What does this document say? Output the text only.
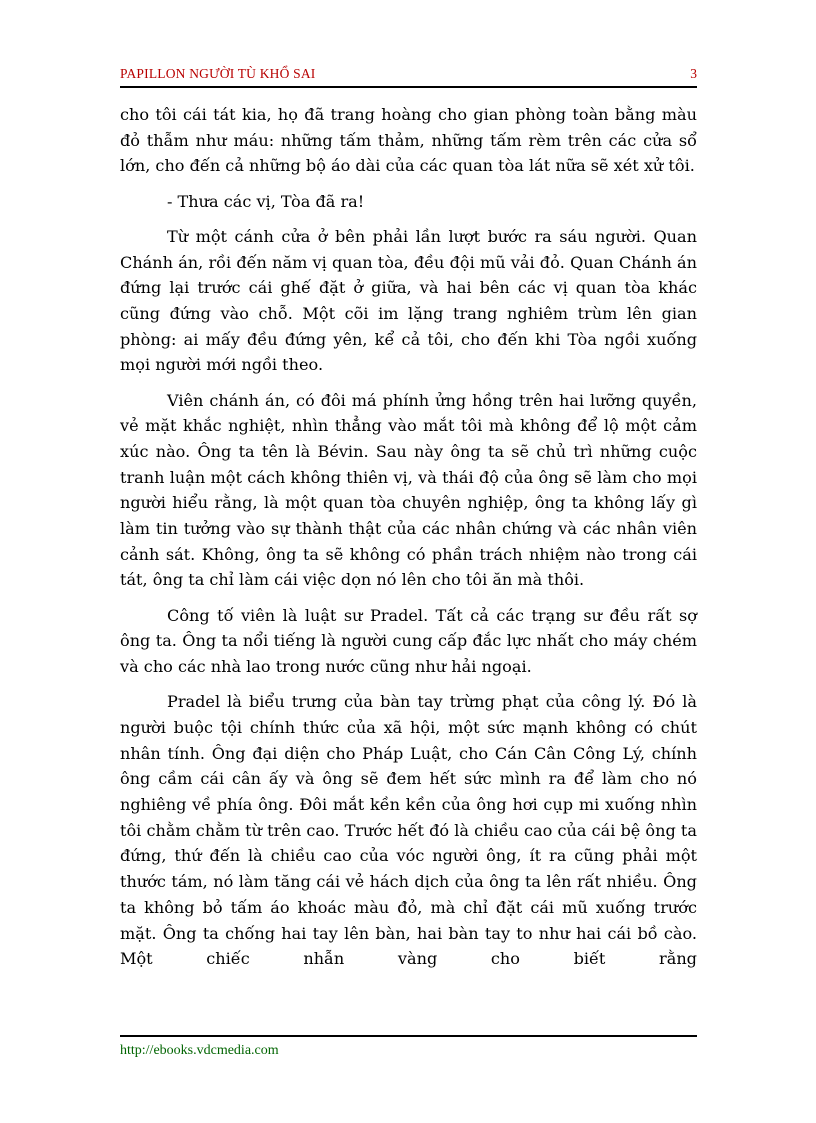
PAPILLON NGƯỜI TÙ KHỔ SAI	3

cho tôi cái tát kia, họ đã trang hoàng cho gian phòng toàn bằng màu đỏ thẫm như máu: những tấm thảm, những tấm rèm trên các cửa sổ lớn, cho đến cả những bộ áo dài của các quan tòa lát nữa sẽ xét xử tôi.

- Thưa các vị, Tòa đã ra!

Từ một cánh cửa ở bên phải lần lượt bước ra sáu người. Quan Chánh án, rồi đến năm vị quan tòa, đều đội mũ vải đỏ. Quan Chánh án đứng lại trước cái ghế đặt ở giữa, và hai bên các vị quan tòa khác cũng đứng vào chỗ. Một cõi im lặng trang nghiêm trùm lên gian phòng: ai mấy đều đứng yên, kể cả tôi, cho đến khi Tòa ngồi xuống mọi người mới ngồi theo.

Viên chánh án, có đôi má phính ửng hồng trên hai lưỡng quyền, vẻ mặt khắc nghiệt, nhìn thẳng vào mắt tôi mà không để lộ một cảm xúc nào. Ông ta tên là Bévin. Sau này ông ta sẽ chủ trì những cuộc tranh luận một cách không thiên vị, và thái độ của ông sẽ làm cho mọi người hiểu rằng, là một quan tòa chuyên nghiệp, ông ta không lấy gì làm tin tưởng vào sự thành thật của các nhân chứng và các nhân viên cảnh sát. Không, ông ta sẽ không có phần trách nhiệm nào trong cái tát, ông ta chỉ làm cái việc dọn nó lên cho tôi ăn mà thôi.

Công tố viên là luật sư Pradel. Tất cả các trạng sư đều rất sợ ông ta. Ông ta nổi tiếng là người cung cấp đắc lực nhất cho máy chém và cho các nhà lao trong nước cũng như hải ngoại.

Pradel là biểu trưng của bàn tay trừng phạt của công lý. Đó là người buộc tội chính thức của xã hội, một sức mạnh không có chút nhân tính. Ông đại diện cho Pháp Luật, cho Cán Cân Công Lý, chính ông cầm cái cân ấy và ông sẽ đem hết sức mình ra để làm cho nó nghiêng về phía ông. Đôi mắt kền kền của ông hơi cụp mi xuống nhìn tôi chằm chằm từ trên cao. Trước hết đó là chiều cao của cái bệ ông ta đứng, thứ đến là chiều cao của vóc người ông, ít ra cũng phải một thước tám, nó làm tăng cái vẻ hách dịch của ông ta lên rất nhiều. Ông ta không bỏ tấm áo khoác màu đỏ, mà chỉ đặt cái mũ xuống trước mặt. Ông ta chống hai tay lên bàn, hai bàn tay to như hai cái bồ cào. Một chiếc nhẫn vàng cho biết rằng

http://ebooks.vdcmedia.com
